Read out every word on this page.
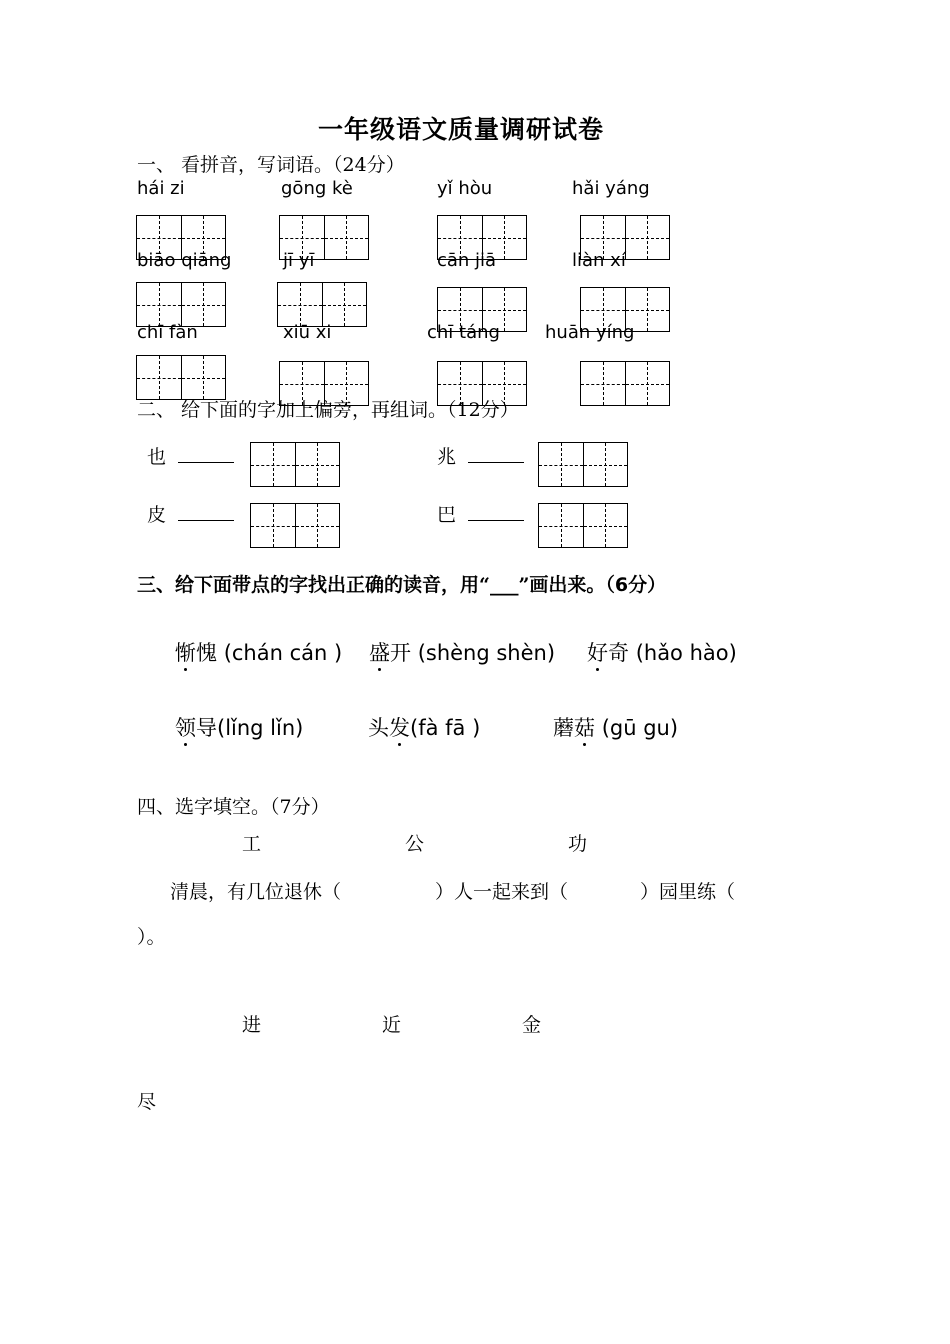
一年级语文质量调研试卷
一、 看拼音，写词语。（24分）
hái zi	gōng kè	yǐ hòu	hǎi yáng
biāo qiāng	jī yī	cān jiā	liàn xí
chī fàn	xiū xi	chī táng	huān yíng
二、 给下面的字加上偏旁，再组词。（12分）
也	兆
皮	巴
三、给下面带点的字找出正确的读音，用“___”画出来。（6分）
惭愧 (chán cán ) 盛开 (shèng shèn) 好奇 (hǎo hào)
领导(lǐng lǐn)	头发(fà fā )	蘑菇 (gū gu)
四、选字填空。（7分）
工	公	功
清晨，有几位退休（	）人一起来到（	）园里练（
）。
进	近	金
尽
